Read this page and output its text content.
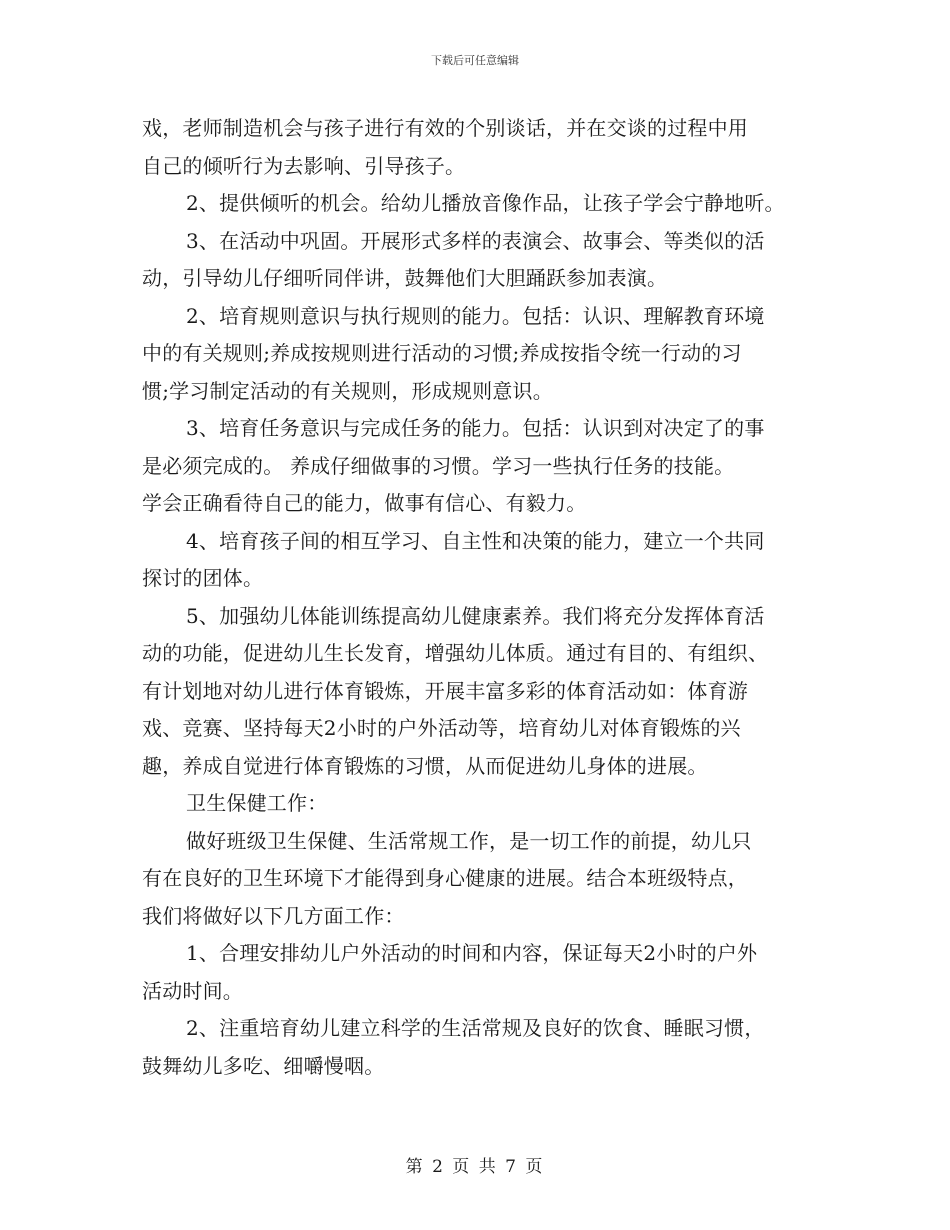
下载后可任意编辑
戏，老师制造机会与孩子进行有效的个别谈话，并在交谈的过程中用
自己的倾听行为去影响、引导孩子。
2、提供倾听的机会。给幼儿播放音像作品，让孩子学会宁静地听。
3、在活动中巩固。开展形式多样的表演会、故事会、等类似的活
动，引导幼儿仔细听同伴讲，鼓舞他们大胆踊跃参加表演。
2、培育规则意识与执行规则的能力。包括：认识、理解教育环境
中的有关规则;养成按规则进行活动的习惯;养成按指令统一行动的习
惯;学习制定活动的有关规则，形成规则意识。
3、培育任务意识与完成任务的能力。包括：认识到对决定了的事
是必须完成的。 养成仔细做事的习惯。学习一些执行任务的技能。
学会正确看待自己的能力，做事有信心、有毅力。
4、培育孩子间的相互学习、自主性和决策的能力，建立一个共同
探讨的团体。
5、加强幼儿体能训练提高幼儿健康素养。我们将充分发挥体育活
动的功能，促进幼儿生长发育，增强幼儿体质。通过有目的、有组织、
有计划地对幼儿进行体育锻炼，开展丰富多彩的体育活动如：体育游
戏、竞赛、坚持每天2小时的户外活动等，培育幼儿对体育锻炼的兴
趣，养成自觉进行体育锻炼的习惯，从而促进幼儿身体的进展。
卫生保健工作：
做好班级卫生保健、生活常规工作，是一切工作的前提，幼儿只
有在良好的卫生环境下才能得到身心健康的进展。结合本班级特点，
我们将做好以下几方面工作：
1、合理安排幼儿户外活动的时间和内容，保证每天2小时的户外
活动时间。
2、注重培育幼儿建立科学的生活常规及良好的饮食、睡眠习惯，
鼓舞幼儿多吃、细嚼慢咽。
第 2 页 共 7 页
